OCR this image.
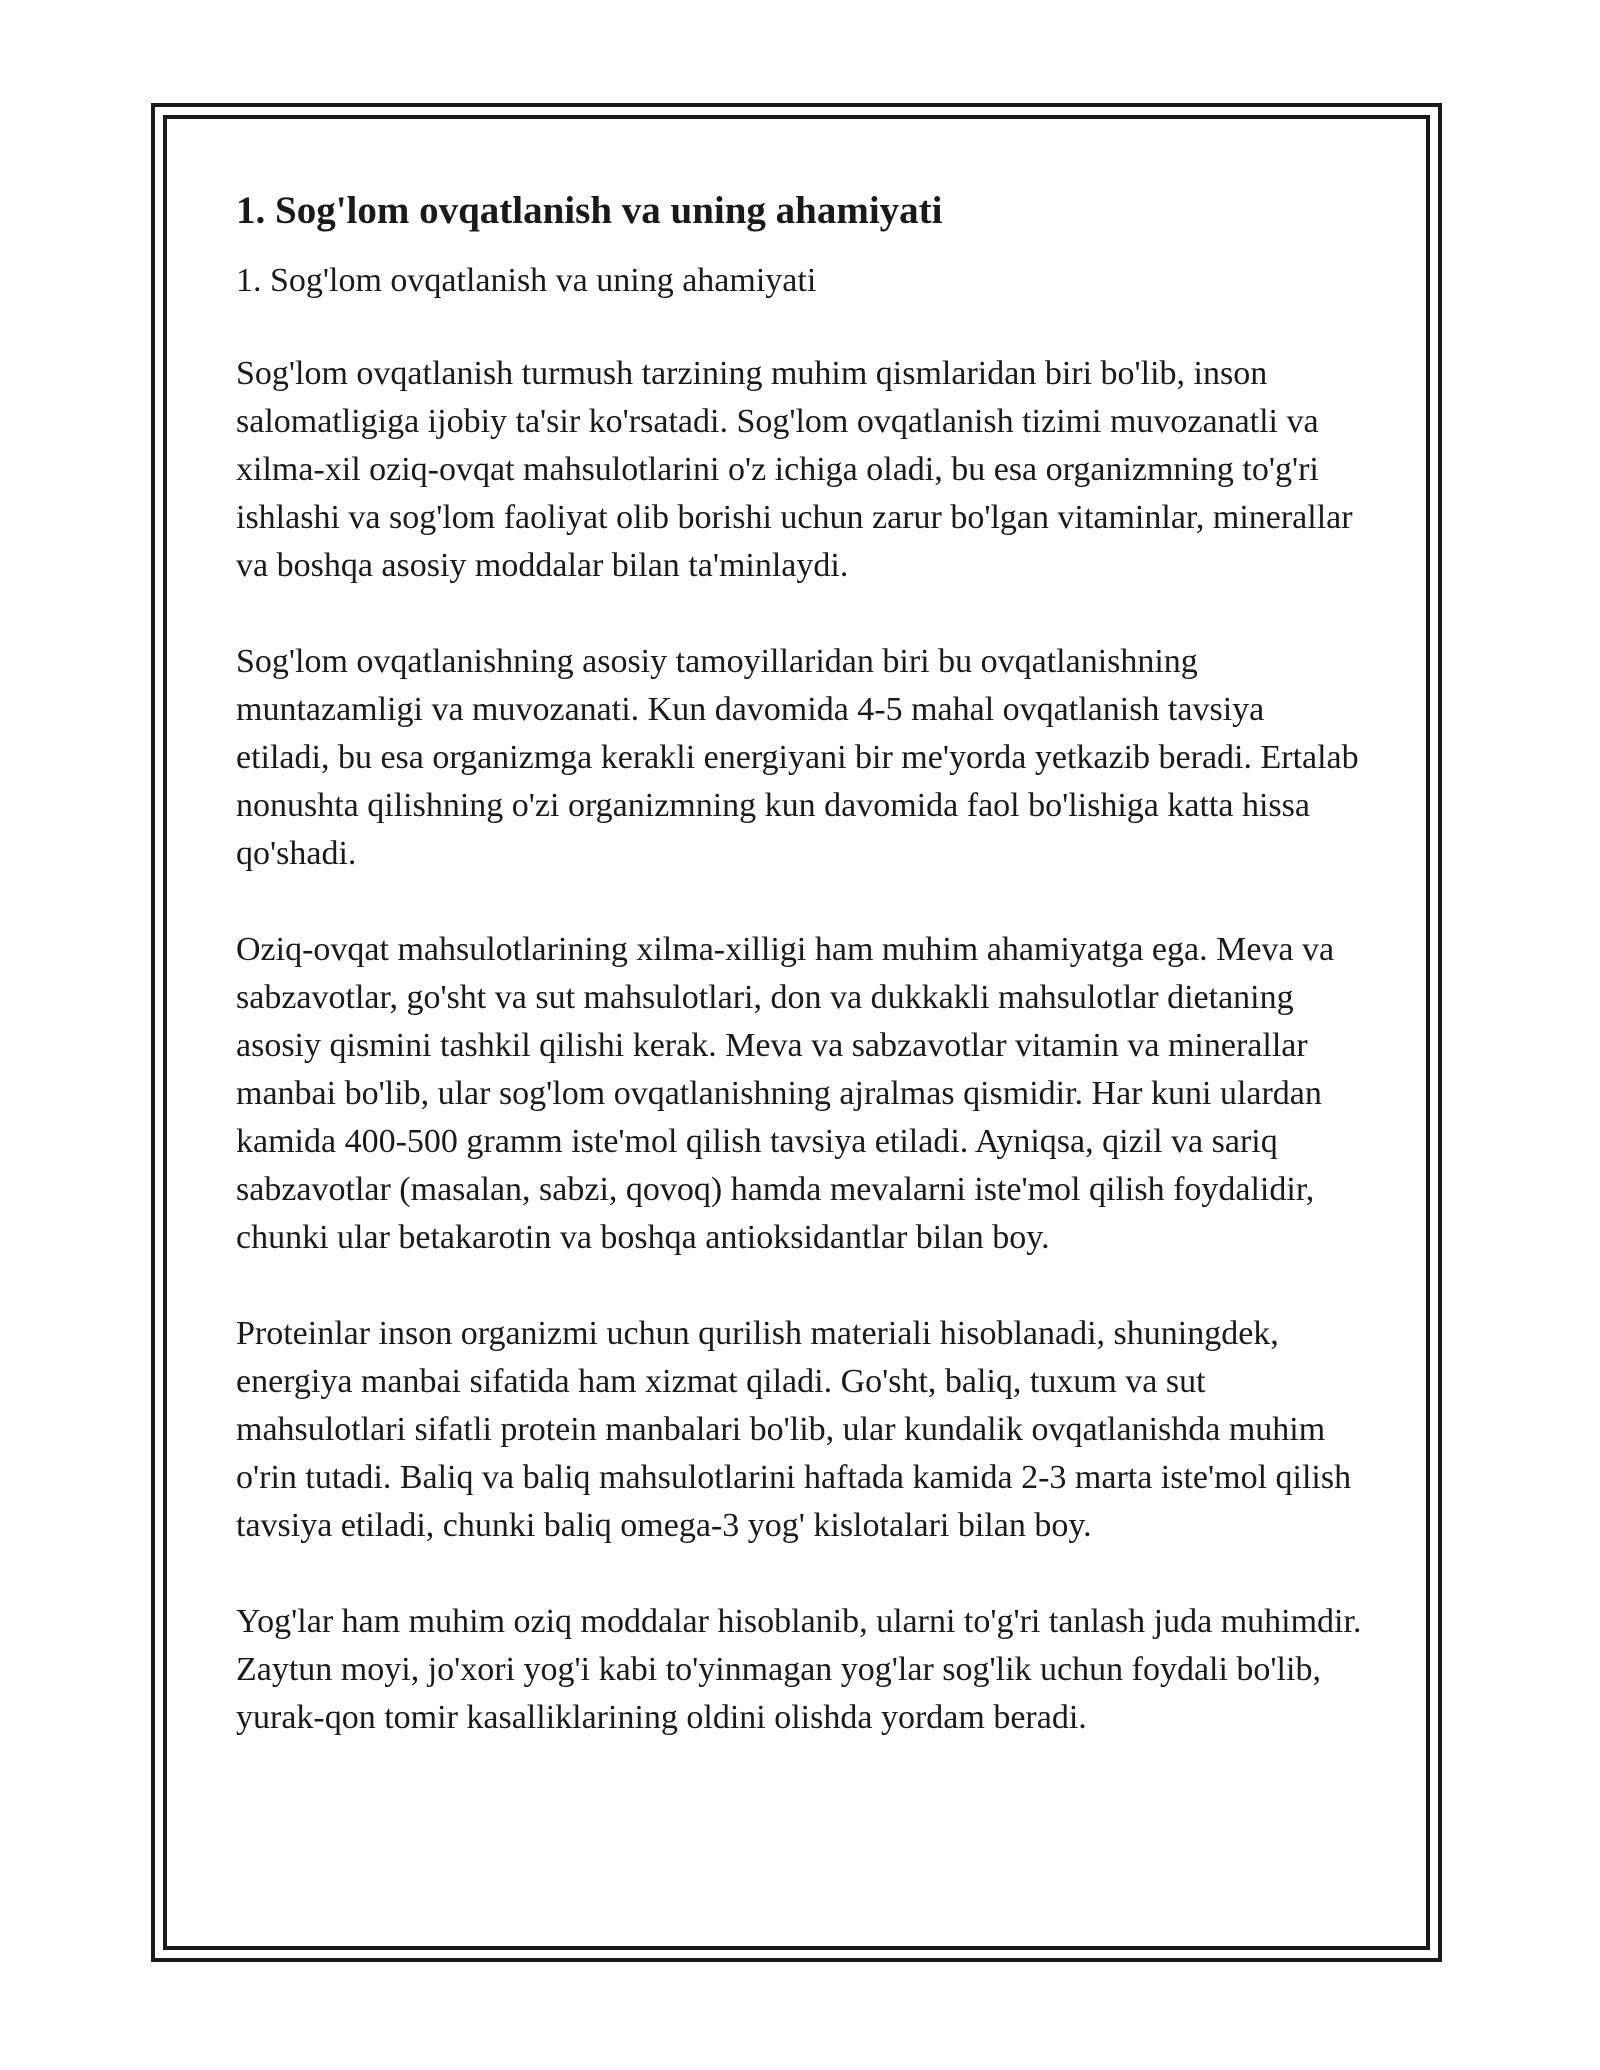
1. Sog'lom ovqatlanish va uning ahamiyati
1. Sog'lom ovqatlanish va uning ahamiyati

Sog'lom ovqatlanish turmush tarzining muhim qismlaridan biri bo'lib, inson salomatligiga ijobiy ta'sir ko'rsatadi. Sog'lom ovqatlanish tizimi muvozanatli va xilma-xil oziq-ovqat mahsulotlarini o'z ichiga oladi, bu esa organizmning to'g'ri ishlashi va sog'lom faoliyat olib borishi uchun zarur bo'lgan vitaminlar, minerallar va boshqa asosiy moddalar bilan ta'minlaydi.

Sog'lom ovqatlanishning asosiy tamoyillaridan biri bu ovqatlanishning muntazamligi va muvozanati. Kun davomida 4-5 mahal ovqatlanish tavsiya etiladi, bu esa organizmga kerakli energiyani bir me'yorda yetkazib beradi. Ertalab nonushta qilishning o'zi organizmning kun davomida faol bo'lishiga katta hissa qo'shadi.

Oziq-ovqat mahsulotlarining xilma-xilligi ham muhim ahamiyatga ega. Meva va sabzavotlar, go'sht va sut mahsulotlari, don va dukkakli mahsulotlar dietaning asosiy qismini tashkil qilishi kerak. Meva va sabzavotlar vitamin va minerallar manbai bo'lib, ular sog'lom ovqatlanishning ajralmas qismidir. Har kuni ulardan kamida 400-500 gramm iste'mol qilish tavsiya etiladi. Ayniqsa, qizil va sariq sabzavotlar (masalan, sabzi, qovoq) hamda mevalarni iste'mol qilish foydalidir, chunki ular betakarotin va boshqa antioksidantlar bilan boy.

Proteinlar inson organizmi uchun qurilish materiali hisoblanadi, shuningdek, energiya manbai sifatida ham xizmat qiladi. Go'sht, baliq, tuxum va sut mahsulotlari sifatli protein manbalari bo'lib, ular kundalik ovqatlanishda muhim o'rin tutadi. Baliq va baliq mahsulotlarini haftada kamida 2-3 marta iste'mol qilish tavsiya etiladi, chunki baliq omega-3 yog' kislotalari bilan boy.

Yog'lar ham muhim oziq moddalar hisoblanib, ularni to'g'ri tanlash juda muhimdir. Zaytun moyi, jo'xori yog'i kabi to'yinmagan yog'lar sog'lik uchun foydali bo'lib, yurak-qon tomir kasalliklarining oldini olishda yordam beradi.
